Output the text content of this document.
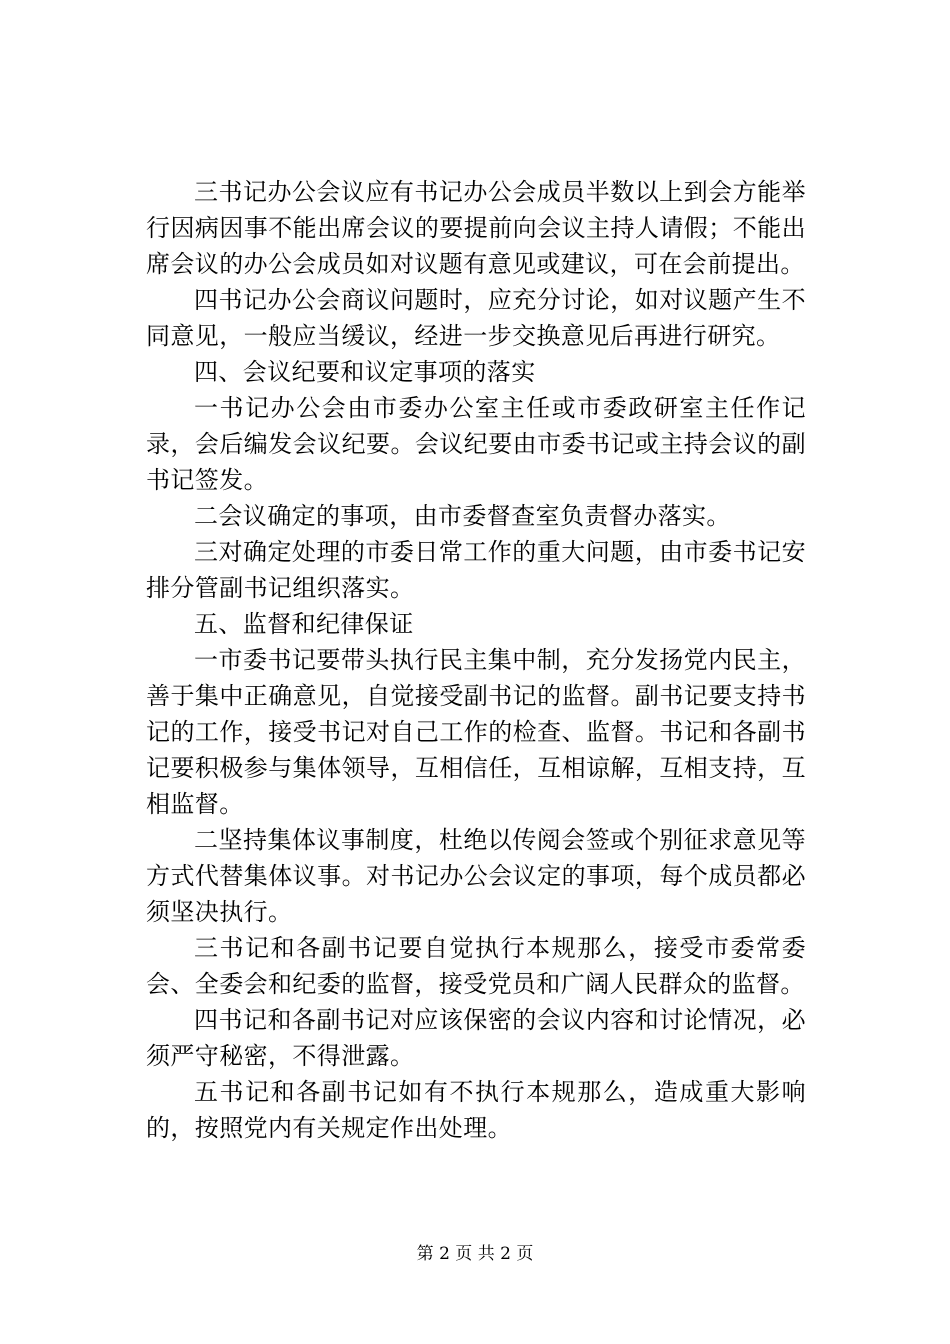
三书记办公会议应有书记办公会成员半数以上到会方能举行因病因事不能出席会议的要提前向会议主持人请假；不能出席会议的办公会成员如对议题有意见或建议，可在会前提出。

四书记办公会商议问题时，应充分讨论，如对议题产生不同意见，一般应当缓议，经进一步交换意见后再进行研究。

四、会议纪要和议定事项的落实

一书记办公会由市委办公室主任或市委政研室主任作记录，会后编发会议纪要。会议纪要由市委书记或主持会议的副书记签发。

二会议确定的事项，由市委督查室负责督办落实。

三对确定处理的市委日常工作的重大问题，由市委书记安排分管副书记组织落实。

五、监督和纪律保证

一市委书记要带头执行民主集中制，充分发扬党内民主，善于集中正确意见，自觉接受副书记的监督。副书记要支持书记的工作，接受书记对自己工作的检查、监督。书记和各副书记要积极参与集体领导，互相信任，互相谅解，互相支持，互相监督。

二坚持集体议事制度，杜绝以传阅会签或个别征求意见等方式代替集体议事。对书记办公会议定的事项，每个成员都必须坚决执行。

三书记和各副书记要自觉执行本规那么，接受市委常委会、全委会和纪委的监督，接受党员和广阔人民群众的监督。

四书记和各副书记对应该保密的会议内容和讨论情况，必须严守秘密，不得泄露。

五书记和各副书记如有不执行本规那么，造成重大影响的，按照党内有关规定作出处理。

第 2 页 共 2 页
